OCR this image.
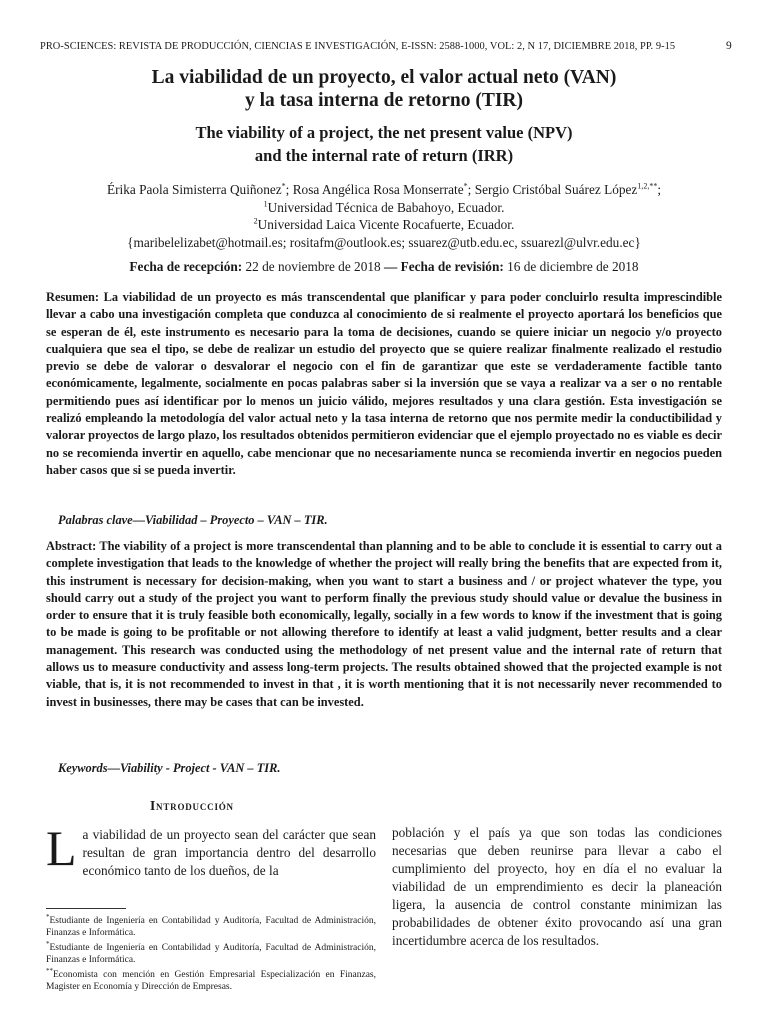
PRO-SCIENCES: REVISTA DE PRODUCCIÓN, CIENCIAS E INVESTIGACIÓN, E-ISSN: 2588-1000, VOL: 2, N 17, DICIEMBRE 2018, PP. 9-15	9
La viabilidad de un proyecto, el valor actual neto (VAN)
y la tasa interna de retorno (TIR)
The viability of a project, the net present value (NPV)
and the internal rate of return (IRR)
Érika Paola Simisterra Quiñonez*; Rosa Angélica Rosa Monserrate*; Sergio Cristóbal Suárez López$^{1,2,**}$;
$^1$Universidad Técnica de Babahoyo, Ecuador.
$^2$Universidad Laica Vicente Rocafuerte, Ecuador.
{maribelelizabet@hotmail.es; rositafm@outlook.es; ssuarez@utb.edu.ec, ssuarezl@ulvr.edu.ec}
Fecha de recepción: 22 de noviembre de 2018 — Fecha de revisión: 16 de diciembre de 2018

Resumen: La viabilidad de un proyecto es más transcendental que planificar y para poder concluirlo resulta imprescindible llevar a cabo una investigación completa que conduzca al conocimiento de si realmente el proyecto aportará los beneficios que se esperan de él, este instrumento es necesario para la toma de decisiones, cuando se quiere iniciar un negocio y/o proyecto cualquiera que sea el tipo, se debe de realizar un estudio del proyecto que se quiere realizar finalmente realizado el restudio previo se debe de valorar o desvalorar el negocio con el fin de garantizar que este se verdaderamente factible tanto económicamente, legalmente, socialmente en pocas palabras saber si la inversión que se vaya a realizar va a ser o no rentable permitiendo pues así identificar por lo menos un juicio válido, mejores resultados y una clara gestión. Esta investigación se realizó empleando la metodología del valor actual neto y la tasa interna de retorno que nos permite medir la conductibilidad y valorar proyectos de largo plazo, los resultados obtenidos permitieron evidenciar que el ejemplo proyectado no es viable es decir no se recomienda invertir en aquello, cabe mencionar que no necesariamente nunca se recomienda invertir en negocios pueden haber casos que si se pueda invertir.

Palabras clave—Viabilidad – Proyecto – VAN – TIR.

Abstract: The viability of a project is more transcendental than planning and to be able to conclude it is essential to carry out a complete investigation that leads to the knowledge of whether the project will really bring the benefits that are expected from it, this instrument is necessary for decision-making, when you want to start a business and / or project whatever the type, you should carry out a study of the project you want to perform finally the previous study should value or devalue the business in order to ensure that it is truly feasible both economically, legally, socially in a few words to know if the investment that is going to be made is going to be profitable or not allowing therefore to identify at least a valid judgment, better results and a clear management. This research was conducted using the methodology of net present value and the internal rate of return that allows us to measure conductivity and assess long-term projects. The results obtained showed that the projected example is not viable, that is, it is not recommended to invest in that , it is worth mentioning that it is not necessarily never recommended to invest in businesses, there may be cases that can be invested.

Keywords—Viability - Project - VAN – TIR.
Introducción

La viabilidad de un proyecto sean del carácter que sean resultan de gran importancia dentro del desarrollo económico tanto de los dueños, de la

población y el país ya que son todas las condiciones necesarias que deben reunirse para llevar a cabo el cumplimiento del proyecto, hoy en día el no evaluar la viabilidad de un emprendimiento es decir la planeación ligera, la ausencia de control constante minimizan las probabilidades de obtener éxito provocando así una gran incertidumbre acerca de los resultados.

*Estudiante de Ingeniería en Contabilidad y Auditoría, Facultad de Administración, Finanzas e Informática.

*Estudiante de Ingeniería en Contabilidad y Auditoría, Facultad de Administración, Finanzas e Informática.

**Economista con mención en Gestión Empresarial Especialización en Finanzas, Magister en Economía y Dirección de Empresas.
